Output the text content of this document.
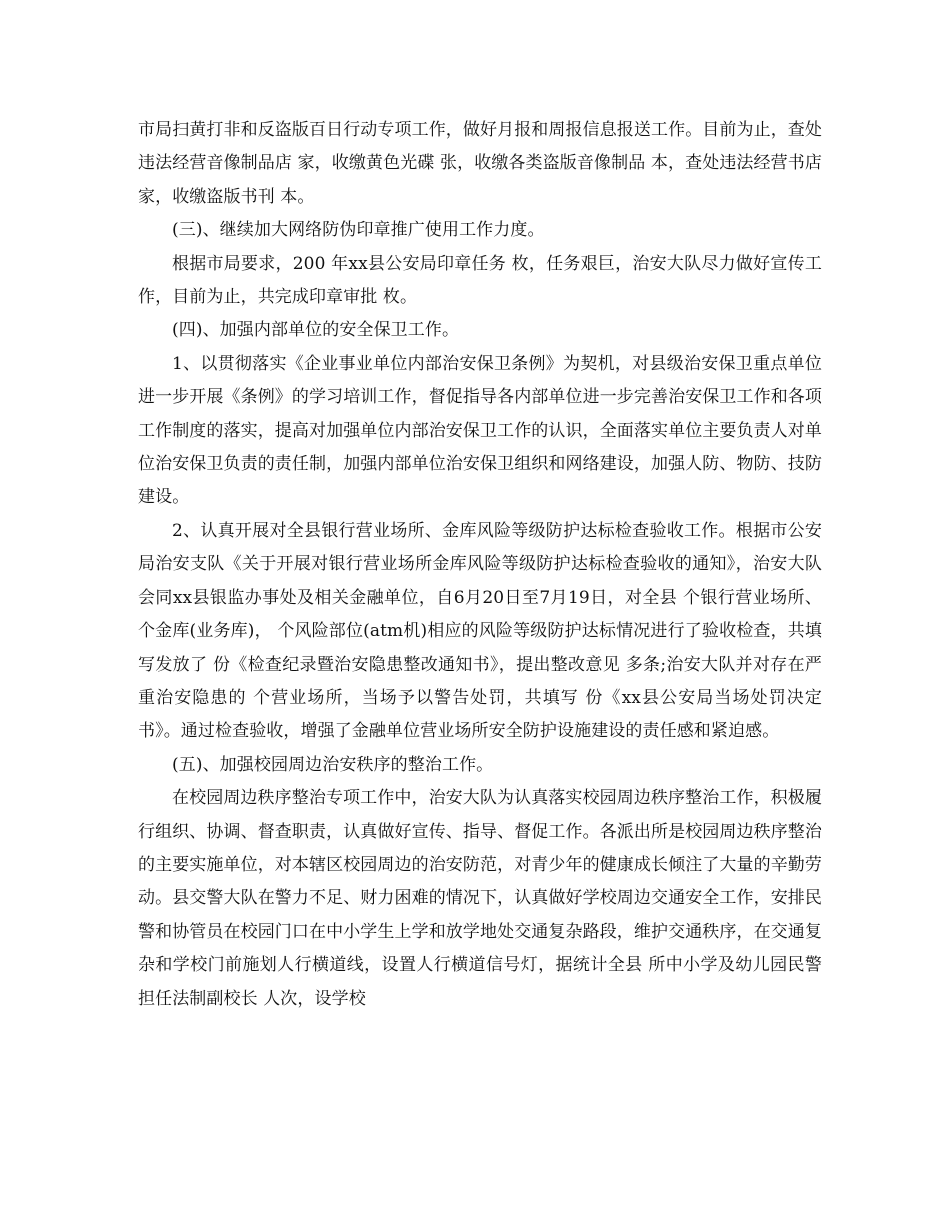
市局扫黄打非和反盗版百日行动专项工作，做好月报和周报信息报送工作。目前为止，查处违法经营音像制品店 家，收缴黄色光碟 张，收缴各类盗版音像制品 本，查处违法经营书店 家，收缴盗版书刊 本。

(三)、继续加大网络防伪印章推广使用工作力度。

根据市局要求，200 年xx县公安局印章任务 枚，任务艰巨，治安大队尽力做好宣传工作，目前为止，共完成印章审批 枚。

(四)、加强内部单位的安全保卫工作。

1、以贯彻落实《企业事业单位内部治安保卫条例》为契机，对县级治安保卫重点单位进一步开展《条例》的学习培训工作，督促指导各内部单位进一步完善治安保卫工作和各项工作制度的落实，提高对加强单位内部治安保卫工作的认识，全面落实单位主要负责人对单位治安保卫负责的责任制，加强内部单位治安保卫组织和网络建设，加强人防、物防、技防建设。

2、认真开展对全县银行营业场所、金库风险等级防护达标检查验收工作。根据市公安局治安支队《关于开展对银行营业场所金库风险等级防护达标检查验收的通知》，治安大队会同xx县银监办事处及相关金融单位，自6月20日至7月19日，对全县 个银行营业场所、 个金库(业务库)， 个风险部位(atm机)相应的风险等级防护达标情况进行了验收检查，共填写发放了 份《检查纪录暨治安隐患整改通知书》，提出整改意见 多条;治安大队并对存在严重治安隐患的 个营业场所，当场予以警告处罚，共填写 份《xx县公安局当场处罚决定书》。通过检查验收，增强了金融单位营业场所安全防护设施建设的责任感和紧迫感。

(五)、加强校园周边治安秩序的整治工作。

在校园周边秩序整治专项工作中，治安大队为认真落实校园周边秩序整治工作，积极履行组织、协调、督查职责，认真做好宣传、指导、督促工作。各派出所是校园周边秩序整治的主要实施单位，对本辖区校园周边的治安防范，对青少年的健康成长倾注了大量的辛勤劳动。县交警大队在警力不足、财力困难的情况下，认真做好学校周边交通安全工作，安排民警和协管员在校园门口在中小学生上学和放学地处交通复杂路段，维护交通秩序，在交通复杂和学校门前施划人行横道线，设置人行横道信号灯，据统计全县 所中小学及幼儿园民警担任法制副校长 人次，设学校
